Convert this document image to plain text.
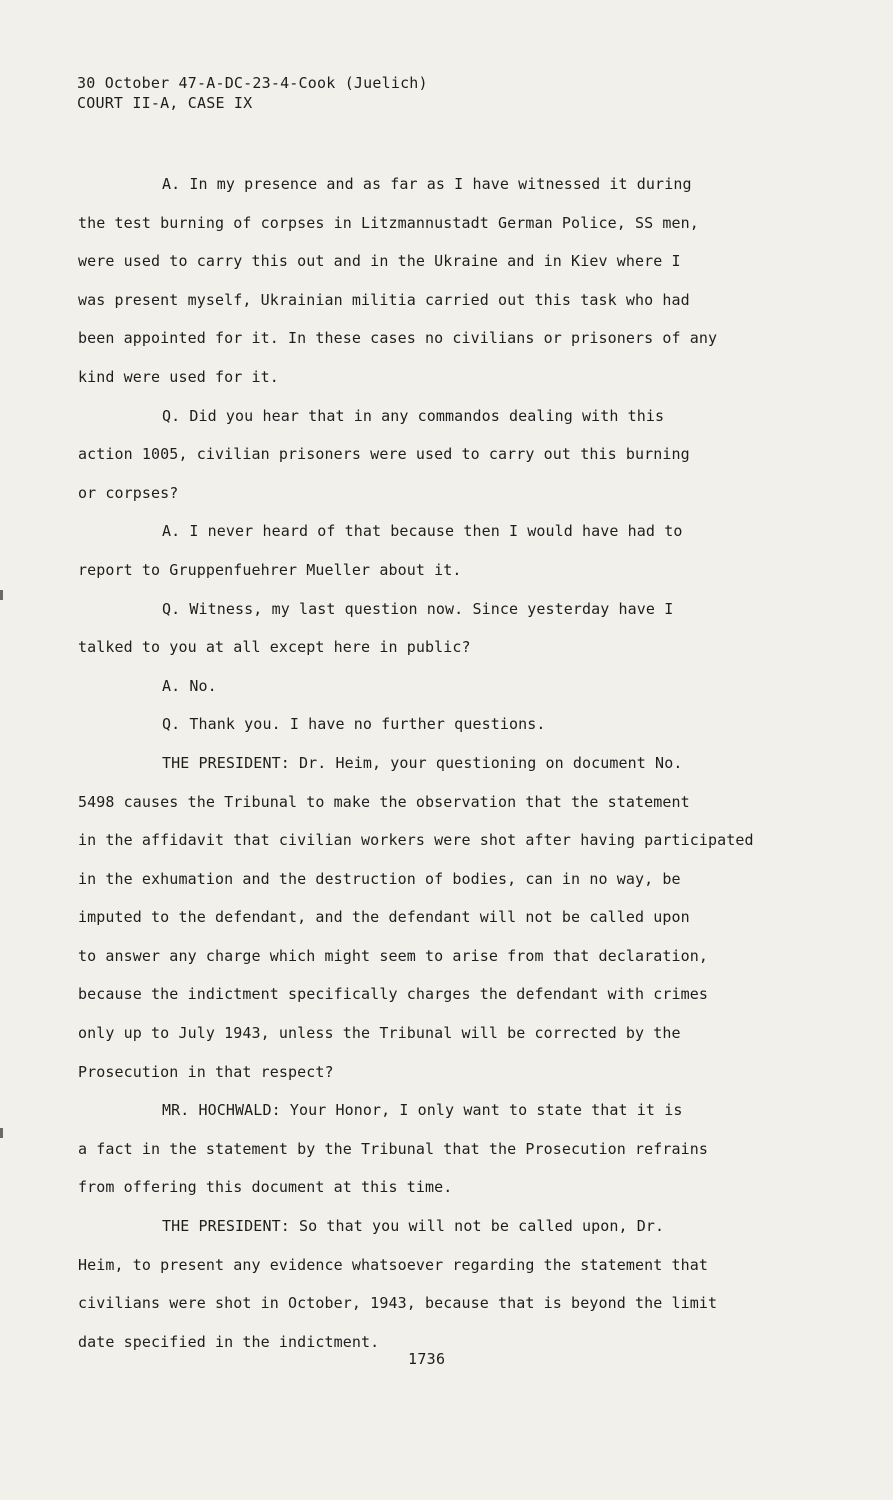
30 October 47-A-DC-23-4-Cook (Juelich)
COURT II-A, CASE IX

A. In my presence and as far as I have witnessed it during
the test burning of corpses in Litzmannustadt German Police, SS men,
were used to carry this out and in the Ukraine and in Kiev where I
was present myself, Ukrainian militia carried out this task who had
been appointed for it. In these cases no civilians or prisoners of any
kind were used for it.

Q. Did you hear that in any commandos dealing with this
action 1005, civilian prisoners were used to carry out this burning
or corpses?

A. I never heard of that because then I would have had to
report to Gruppenfuehrer Mueller about it.

Q. Witness, my last question now. Since yesterday have I
talked to you at all except here in public?

A. No.

Q. Thank you. I have no further questions.

THE PRESIDENT: Dr. Heim, your questioning on document No.
5498 causes the Tribunal to make the observation that the statement
in the affidavit that civilian workers were shot after having participated
in the exhumation and the destruction of bodies, can in no way, be
imputed to the defendant, and the defendant will not be called upon
to answer any charge which might seem to arise from that declaration,
because the indictment specifically charges the defendant with crimes
only up to July 1943, unless the Tribunal will be corrected by the
Prosecution in that respect?

MR. HOCHWALD: Your Honor, I only want to state that it is
a fact in the statement by the Tribunal that the Prosecution refrains
from offering this document at this time.

THE PRESIDENT: So that you will not be called upon, Dr.
Heim, to present any evidence whatsoever regarding the statement that
civilians were shot in October, 1943, because that is beyond the limit
date specified in the indictment.

1736
